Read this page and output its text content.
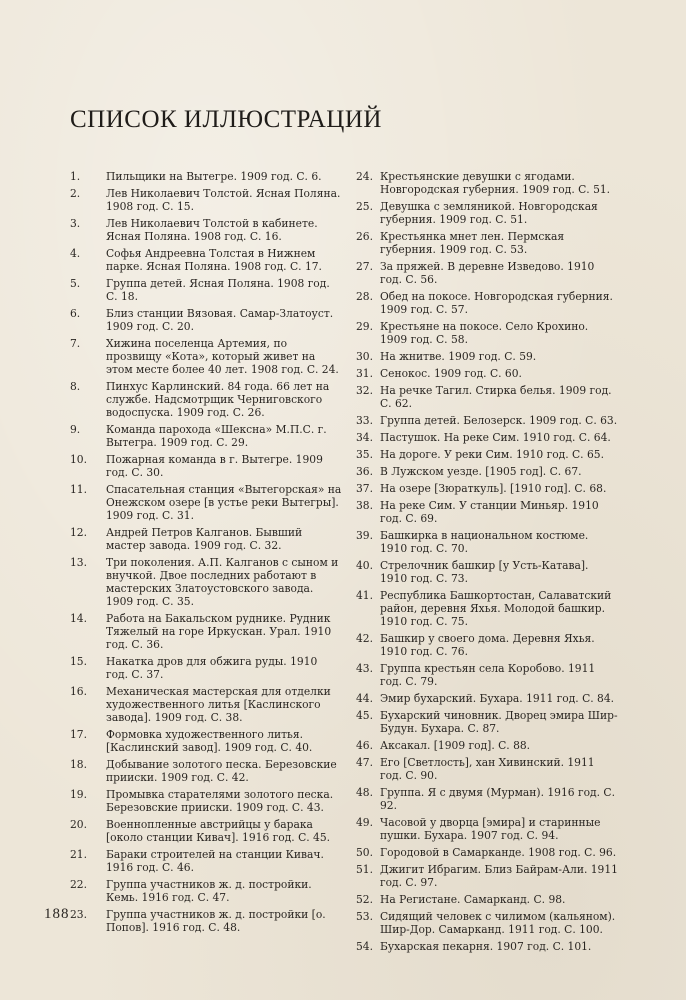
СПИСОК ИЛЛЮСТРАЦИЙ
1.	Пильщики на Вытегре. 1909 год. С. 6.
2.	Лев Николаевич Толстой. Ясная Поляна. 1908 год. С. 15.
3.	Лев Николаевич Толстой в кабинете. Ясная Поляна. 1908 год. С. 16.
4.	Софья Андреевна Толстая в Нижнем парке. Ясная Поляна. 1908 год. С. 17.
5.	Группа детей. Ясная Поляна. 1908 год. С. 18.
6.	Близ станции Вязовая. Самар-Златоуст. 1909 год. С. 20.
7.	Хижина поселенца Артемия, по прозвищу «Кота», который живет на этом месте более 40 лет. 1908 год. С. 24.
8.	Пинхус Карлинский. 84 года. 66 лет на службе. Надсмотрщик Черниговского водоспуска. 1909 год. С. 26.
9.	Команда парохода «Шексна» М.П.С. г. Вытегра. 1909 год. С. 29.
10.	Пожарная команда в г. Вытегре. 1909 год. С. 30.
11.	Спасательная станция «Вытегорская» на Онежском озере [в устье реки Вытегры]. 1909 год. С. 31.
12.	Андрей Петров Калганов. Бывший мастер завода. 1909 год. С. 32.
13.	Три поколения. А.П. Калганов с сыном и внучкой. Двое последних работают в мастерских Златоустовского завода. 1909 год. С. 35.
14.	Работа на Бакальском руднике. Рудник Тяжелый на горе Иркускан. Урал. 1910 год. С. 36.
15.	Накатка дров для обжига руды. 1910 год. С. 37.
16.	Механическая мастерская для отделки художественного литья [Каслинского завода]. 1909 год. С. 38.
17.	Формовка художественного литья. [Каслинский завод]. 1909 год. С. 40.
18.	Добывание золотого песка. Березовские прииски. 1909 год. С. 42.
19.	Промывка старателями золотого песка. Березовские прииски. 1909 год. С. 43.
20.	Военнопленные австрийцы у барака [около станции Кивач]. 1916 год. С. 45.
21.	Бараки строителей на станции Кивач. 1916 год. С. 46.
22.	Группа участников ж. д. постройки. Кемь. 1916 год. С. 47.
23.	Группа участников ж. д. постройки [о. Попов]. 1916 год. С. 48.
24. Крестьянские девушки с ягодами. Новгородская губерния. 1909 год. С. 51.
25. Девушка с земляникой. Новгородская губерния. 1909 год. С. 51.
26. Крестьянка мнет лен. Пермская губерния. 1909 год. С. 53.
27. За пряжей. В деревне Изведово. 1910 год. С. 56.
28. Обед на покосе. Новгородская губерния. 1909 год. С. 57.
29. Крестьяне на покосе. Село Крохино. 1909 год. С. 58.
30. На жнитве. 1909 год. С. 59.
31. Сенокос. 1909 год. С. 60.
32. На речке Тагил. Стирка белья. 1909 год. С. 62.
33. Группа детей. Белозерск. 1909 год. С. 63.
34. Пастушок. На реке Сим. 1910 год. С. 64.
35. На дороге. У реки Сим. 1910 год. С. 65.
36. В Лужском уезде. [1905 год]. С. 67.
37. На озере [Зюраткуль]. [1910 год]. С. 68.
38. На реке Сим. У станции Миньяр. 1910 год. С. 69.
39. Башкирка в национальном костюме. 1910 год. С. 70.
40. Стрелочник башкир [у Усть-Катава]. 1910 год. С. 73.
41. Республика Башкортостан, Салаватский район, деревня Яхья. Молодой башкир. 1910 год. С. 75.
42. Башкир у своего дома. Деревня Яхья. 1910 год. С. 76.
43. Группа крестьян села Коробово. 1911 год. С. 79.
44. Эмир бухарский. Бухара. 1911 год. С. 84.
45. Бухарский чиновник. Дворец эмира Шир-Будун. Бухара. С. 87.
46. Аксакал. [1909 год]. С. 88.
47. Его [Светлость], хан Хивинский. 1911 год. С. 90.
48. Группа. Я с двумя (Мурман). 1916 год. С. 92.
49. Часовой у дворца [эмира] и старинные пушки. Бухара. 1907 год. С. 94.
50. Городовой в Самарканде. 1908 год. С. 96.
51. Джигит Ибрагим. Близ Байрам-Али. 1911 год. С. 97.
52. На Регистане. Самарканд. С. 98.
53. Сидящий человек с чилимом (кальяном). Шир-Дор. Самарканд. 1911 год. С. 100.
54. Бухарская пекарня. 1907 год. С. 101.
188
